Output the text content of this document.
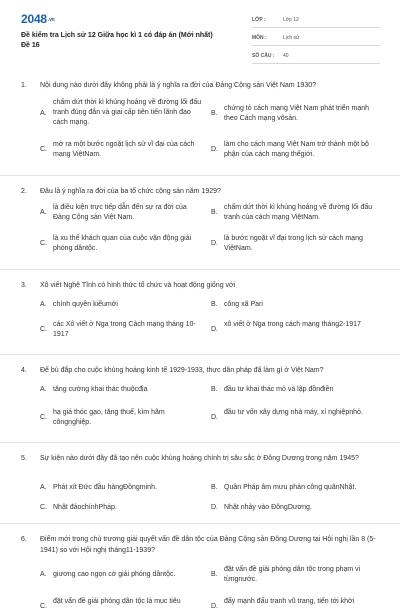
2048.vn
Đề kiểm tra Lịch sử 12 Giữa học kì 1 có đáp án (Mới nhất)
Đề 16
LỚP :	Lớp 12
MÔN :	Lịch sử
SỐ CÂU : 40
1.	Nội dung nào dưới đây không phải là ý nghĩa ra đời của Đảng Cộng sản Việt Nam 1930?
A.
chấm dứt thời kì khủng hoảng về đường lối đấu tranh đúng đắn và giai cấp tiên tiến lãnh đạo cách mạng.
B.
chứng tỏ cách mạng Việt Nam phát triển mạnh theo Cách mạng vôsản.
C.
mở ra một bước ngoặt lịch sử vĩ đại của cách mạng ViệtNam.
D.
làm cho cách mạng Việt Nam trở thành một bộ phận của cách mạng thếgiới.
2.	Đâu là ý nghĩa ra đời của ba tổ chức cộng sản năm 1929?
A.
là điều kiện trực tiếp dẫn đến sự ra đời của Đảng Cộng sản Việt Nam.
B.
chấm dứt thời kì khủng hoảng về đường lối đấu tranh của cách mạng ViệtNam.
C.
là xu thế khách quan của cuộc vận động giải phóng dântộc.
D.
là bước ngoặt vĩ đại trong lịch sử cách mạng ViệtNam.
3.	Xô viết Nghệ Tĩnh có hình thức tổ chức và hoạt động giống với
A. chính quyền kiểumới	B. công xã Pari
C.
các Xô viết ở Nga trong Cách mạng tháng 10-1917
D.
xô viết ở Nga trong cách mạng tháng2-1917
4.	Để bù đắp cho cuộc khủng hoảng kinh tế 1929-1933, thực dân pháp đã làm gì ở Việt Nam?
A. tăng cường khai thác thuộcđịa	B. đầu tư khai thác mỏ và lập đồnđiền
C.
hạ giá thóc gạo, tăng thuế, kìm hãm côngnghiệp.
D.
đầu tư vốn xây dựng nhà máy, xí nghiệpnhỏ.
5.	Sự kiện nào dưới đây đã tạo nên cuộc khủng hoảng chính trị sâu sắc ở Đông Dương trong năm 1945?
A. Phát xít Đức đầu hàngĐồngminh.	B. Quân Pháp âm mưu phản công quânNhật.
C. Nhật đảochínhPháp.	D. Nhật nhảy vào ĐôngDương.
6.	Điểm mới trong chủ trương giải quyết vấn đề dân tộc của Đảng Cộng sản Đông Dương tại Hội nghị lần 8 (5-1941) so với Hội nghị tháng11-1939?
A. giương cao ngọn cờ giải phóng dântộc.	B.
đặt vấn đề giải phóng dân tộc trong phạm vi từngnước.
C.
đặt vấn đề giải phóng dân tộc là mục tiêu
D.
đẩy mạnh đấu tranh vũ trang, tiến tới khởi
